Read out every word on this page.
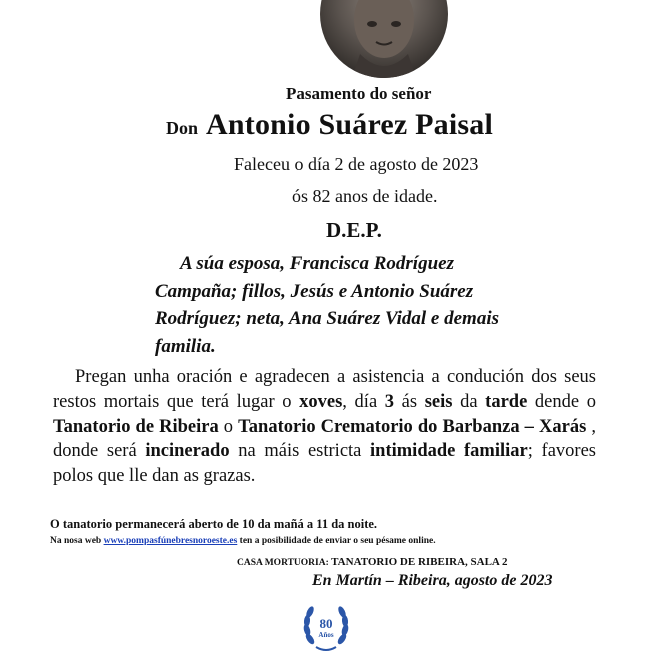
Pasamento do señor
Don Antonio Suárez Paisal
Faleceu o día 2 de agosto de 2023
ós 82 anos de idade.
D.E.P.
A súa esposa, Francisca Rodríguez
Campaña; fillos, Jesús e Antonio Suárez
Rodríguez; neta, Ana Suárez Vidal e demais
familia.
Pregan unha oración e agradecen a asistencia a condución dos seus restos mortais que terá lugar o xoves, día 3 ás seis da tarde dende o Tanatorio de Ribeira o Tanatorio Crematorio do Barbanza – Xarás , donde será incinerado na máis estricta intimidade familiar; favores polos que lle dan as grazas.
O tanatorio permanecerá aberto de 10 da mañá a 11 da noite.
Na nosa web www.pompasfúnebresnoroeste.es ten a posibilidade de enviar o seu pésame online.
CASA MORTUORIA: TANATORIO DE RIBEIRA, SALA 2
En Martín – Ribeira, agosto de 2023
80
Años
